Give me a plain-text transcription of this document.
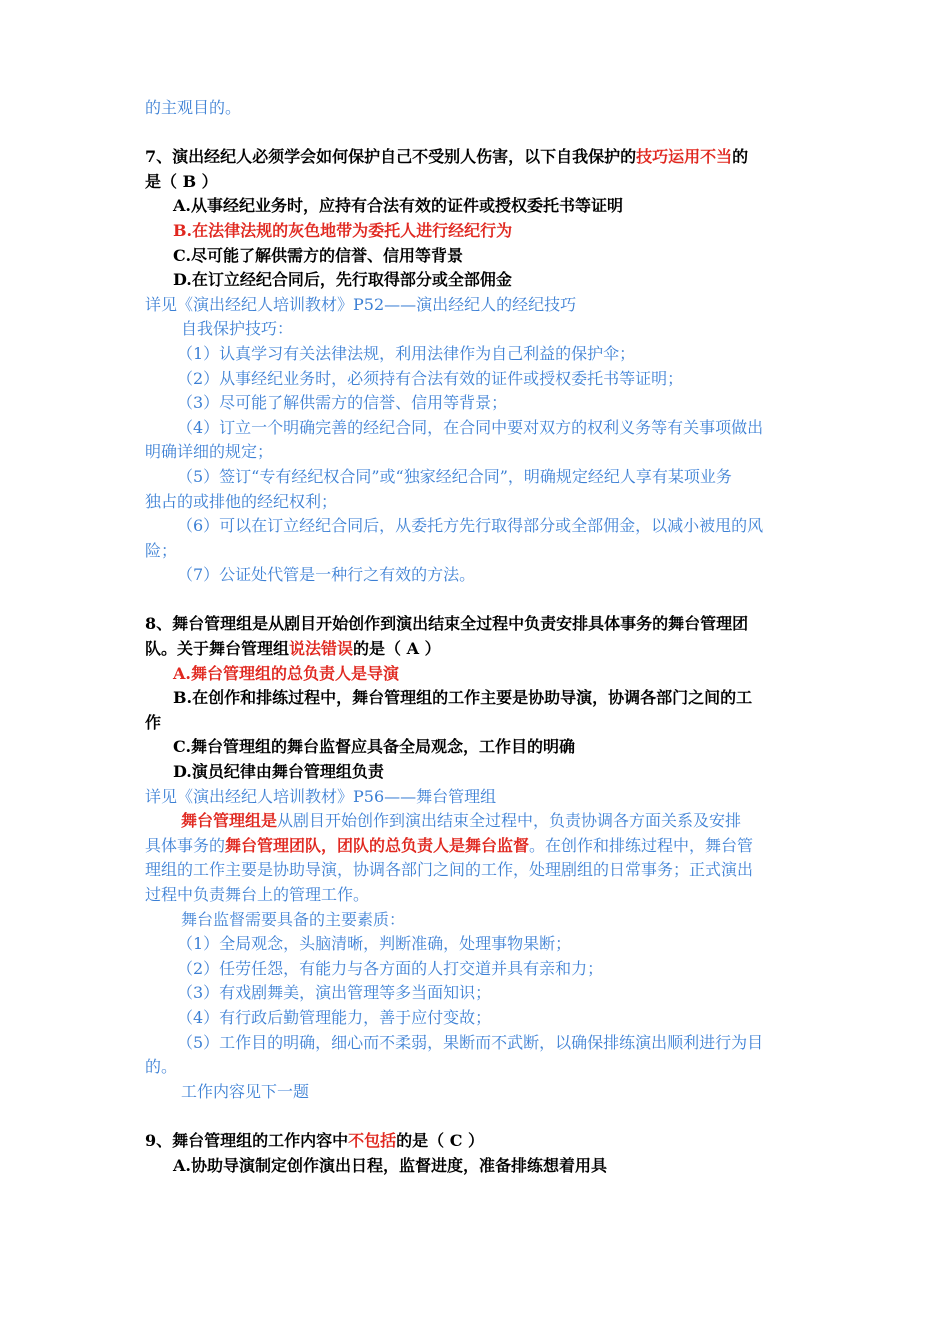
的主观目的。
7、演出经纪人必须学会如何保护自己不受别人伤害，以下自我保护的技巧运用不当的
是（ B ）
A.从事经纪业务时，应持有合法有效的证件或授权委托书等证明
B.在法律法规的灰色地带为委托人进行经纪行为
C.尽可能了解供需方的信誉、信用等背景
D.在订立经纪合同后，先行取得部分或全部佣金
详见《演出经纪人培训教材》P52——演出经纪人的经纪技巧
自我保护技巧：
（1）认真学习有关法律法规，利用法律作为自己利益的保护伞；
（2）从事经纪业务时，必须持有合法有效的证件或授权委托书等证明；
（3）尽可能了解供需方的信誉、信用等背景；
（4）订立一个明确完善的经纪合同，在合同中要对双方的权利义务等有关事项做出
明确详细的规定；
（5）签订“专有经纪权合同”或“独家经纪合同”，明确规定经纪人享有某项业务
独占的或排他的经纪权利；
（6）可以在订立经纪合同后，从委托方先行取得部分或全部佣金，以减小被甩的风
险；
（7）公证处代管是一种行之有效的方法。
8、舞台管理组是从剧目开始创作到演出结束全过程中负责安排具体事务的舞台管理团
队。关于舞台管理组说法错误的是（ A ）
A.舞台管理组的总负责人是导演
B.在创作和排练过程中，舞台管理组的工作主要是协助导演，协调各部门之间的工
作
C.舞台管理组的舞台监督应具备全局观念，工作目的明确
D.演员纪律由舞台管理组负责
详见《演出经纪人培训教材》P56——舞台管理组
舞台管理组是从剧目开始创作到演出结束全过程中，负责协调各方面关系及安排
具体事务的舞台管理团队，团队的总负责人是舞台监督。在创作和排练过程中，舞台管
理组的工作主要是协助导演，协调各部门之间的工作，处理剧组的日常事务；正式演出
过程中负责舞台上的管理工作。
舞台监督需要具备的主要素质：
（1）全局观念，头脑清晰，判断准确，处理事物果断；
（2）任劳任怨，有能力与各方面的人打交道并具有亲和力；
（3）有戏剧舞美，演出管理等多当面知识；
（4）有行政后勤管理能力，善于应付变故；
（5）工作目的明确，细心而不柔弱，果断而不武断，以确保排练演出顺利进行为目
的。
工作内容见下一题
9、舞台管理组的工作内容中不包括的是（ C ）
A.协助导演制定创作演出日程，监督进度，准备排练想着用具
